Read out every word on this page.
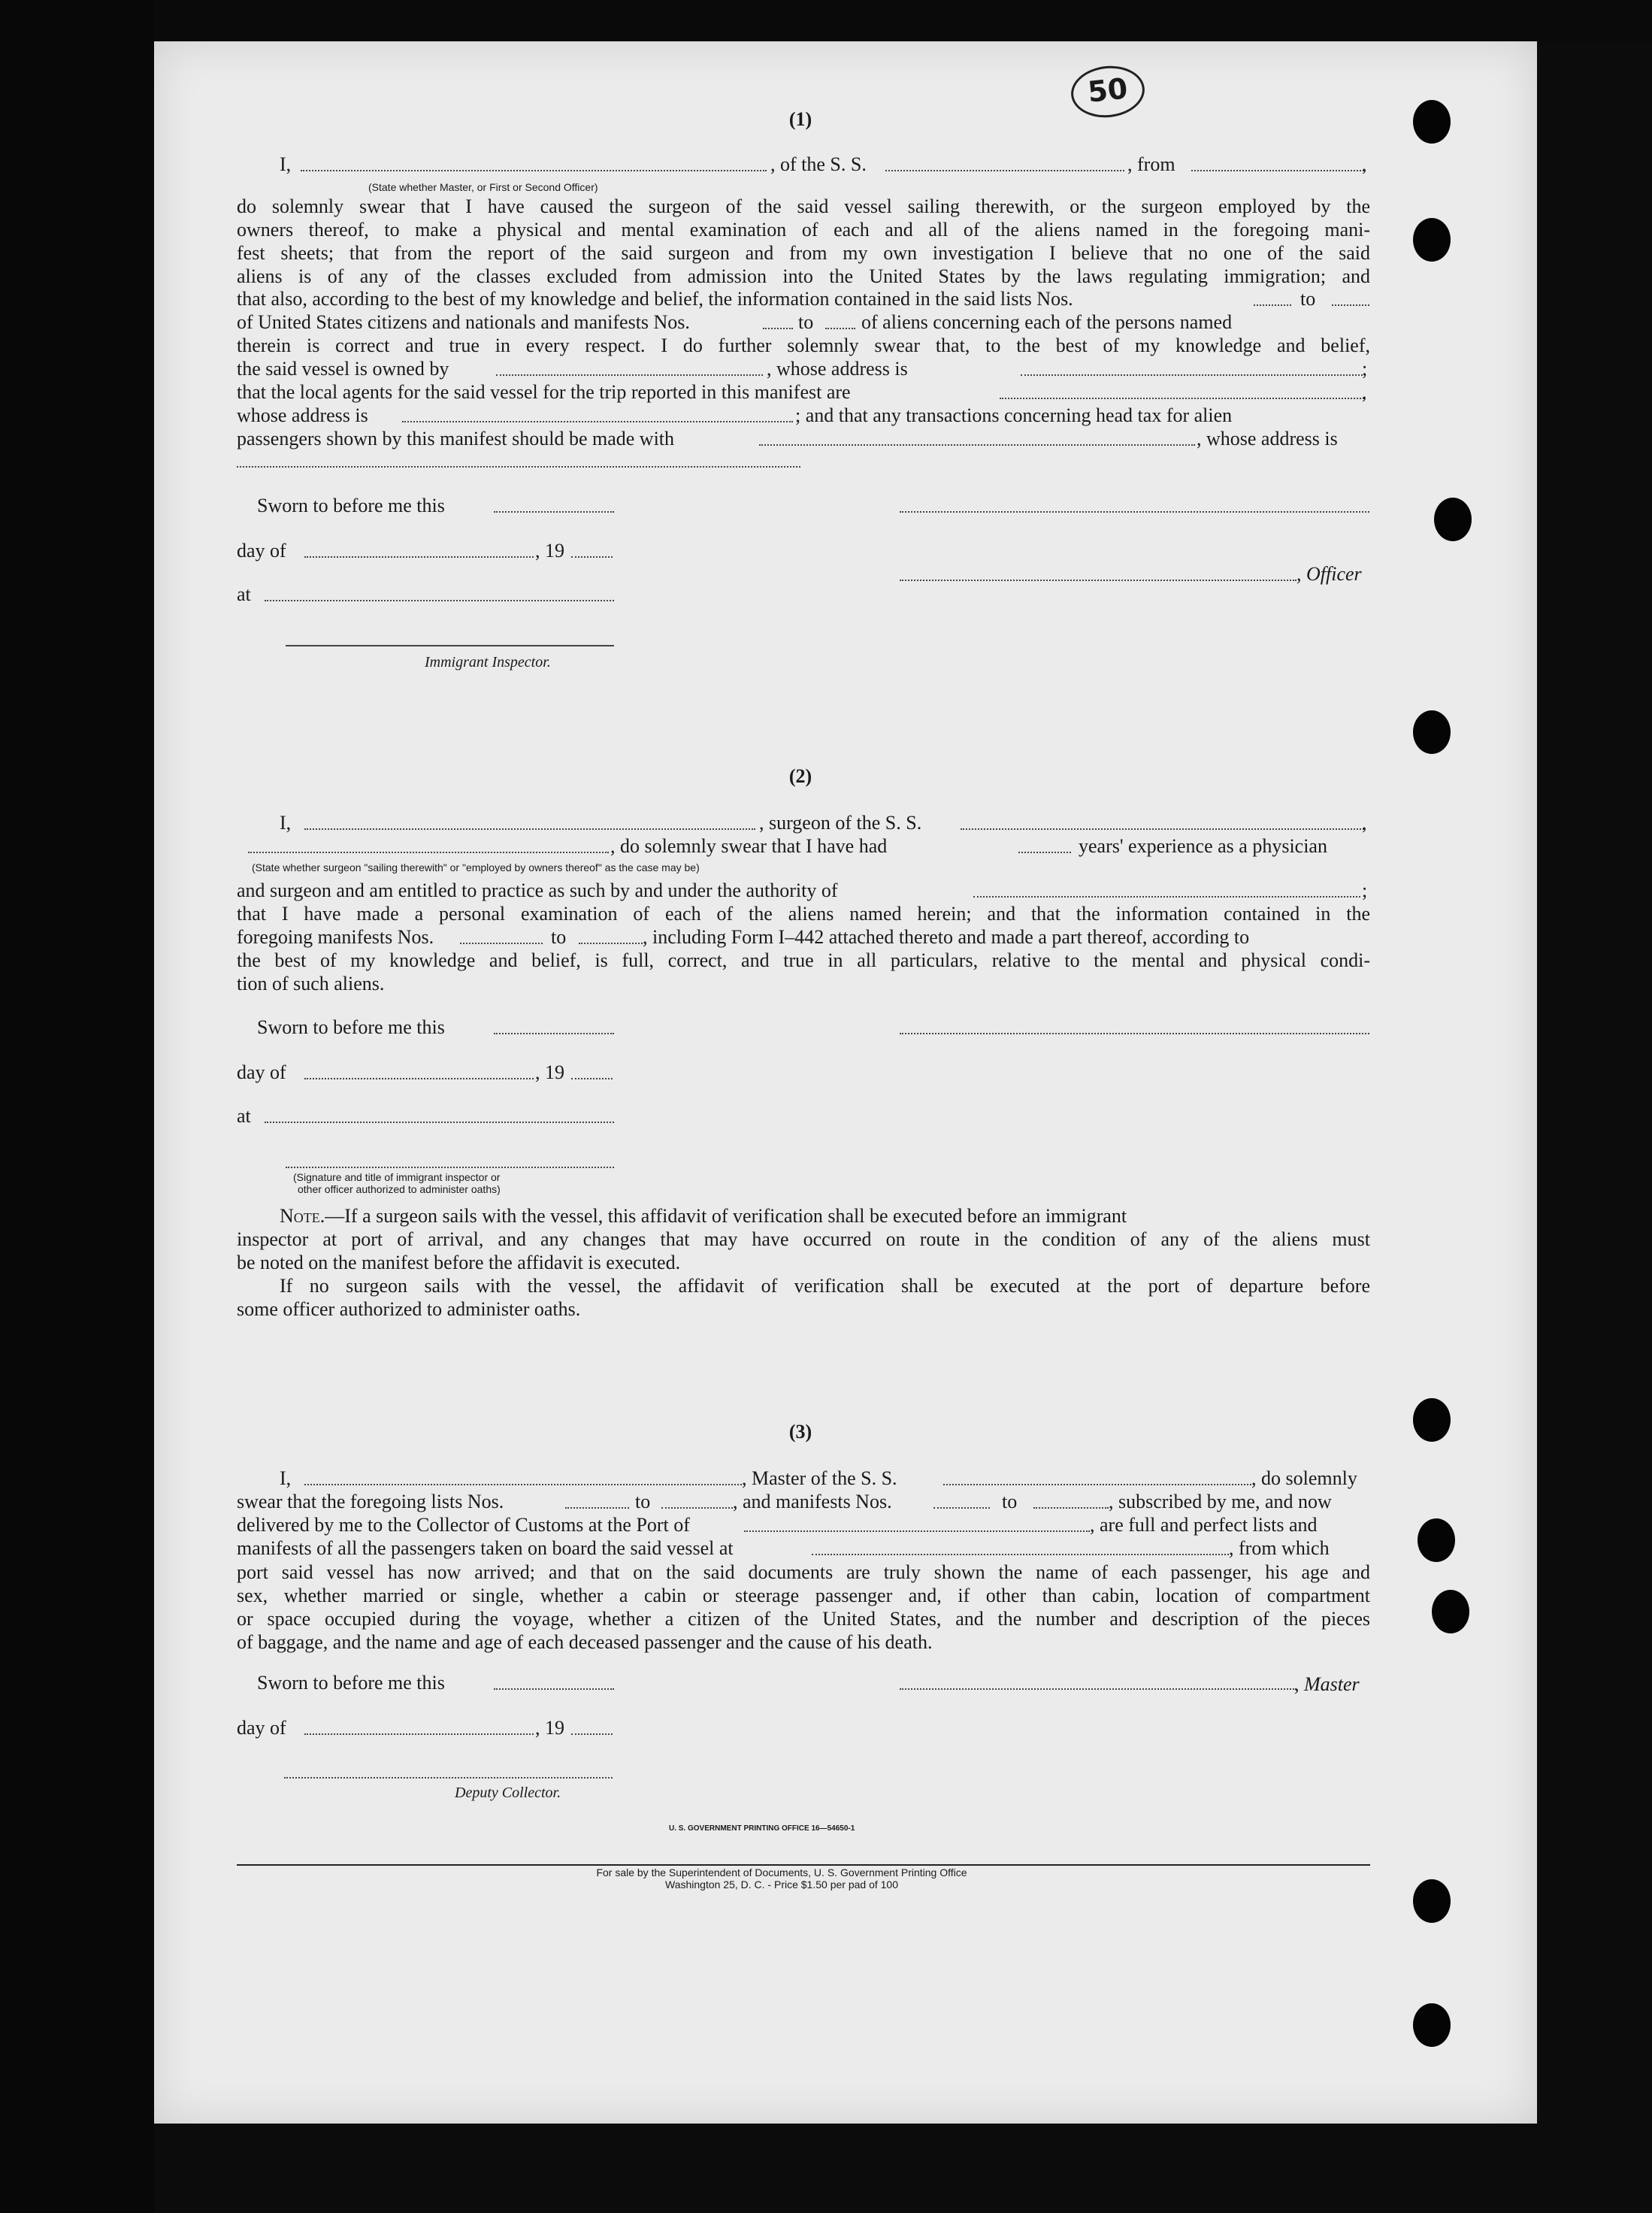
50
(1)
I,	, of the S. S.	, from	,
(State whether Master, or First or Second Officer)
do solemnly swear that I have caused the surgeon of the said vessel sailing therewith, or the surgeon employed by the
owners thereof, to make a physical and mental examination of each and all of the aliens named in the foregoing mani-
fest sheets; that from the report of the said surgeon and from my own investigation I believe that no one of the said
aliens is of any of the classes excluded from admission into the United States by the laws regulating immigration; and
that also, according to the best of my knowledge and belief, the information contained in the said lists Nos.	to
of United States citizens and nationals and manifests Nos.	to of aliens concerning each of the persons named
therein is correct and true in every respect. I do further solemnly swear that, to the best of my knowledge and belief,
the said vessel is owned by	, whose address is	;
that the local agents for the said vessel for the trip reported in this manifest are	,
whose address is	; and that any transactions concerning head tax for alien
passengers shown by this manifest should be made with	, whose address is
Sworn to before me this
day of	, 19
, Officer
at
Immigrant Inspector.
(2)
I,	, surgeon of the S. S.	,
, do solemnly swear that I have had	years' experience as a physician
(State whether surgeon "sailing therewith" or "employed by owners thereof" as the case may be)
and surgeon and am entitled to practice as such by and under the authority of	;
that I have made a personal examination of each of the aliens named herein; and that the information contained in the
foregoing manifests Nos.	to	, including Form I–442 attached thereto and made a part thereof, according to
the best of my knowledge and belief, is full, correct, and true in all particulars, relative to the mental and physical condi-
tion of such aliens.
Sworn to before me this
day of	, 19
at
(Signature and title of immigrant inspector or
other officer authorized to administer oaths)
Note.—If a surgeon sails with the vessel, this affidavit of verification shall be executed before an immigrant
inspector at port of arrival, and any changes that may have occurred on route in the condition of any of the aliens must
be noted on the manifest before the affidavit is executed.
If no surgeon sails with the vessel, the affidavit of verification shall be executed at the port of departure before
some officer authorized to administer oaths.
(3)
I,	, Master of the S. S.	, do solemnly
swear that the foregoing lists Nos.	to	, and manifests Nos.	to	, subscribed by me, and now
delivered by me to the Collector of Customs at the Port of	, are full and perfect lists and
manifests of all the passengers taken on board the said vessel at	, from which
port said vessel has now arrived; and that on the said documents are truly shown the name of each passenger, his age and
sex, whether married or single, whether a cabin or steerage passenger and, if other than cabin, location of compartment
or space occupied during the voyage, whether a citizen of the United States, and the number and description of the pieces
of baggage, and the name and age of each deceased passenger and the cause of his death.
Sworn to before me this	, Master
day of	, 19
Deputy Collector.
U. S. GOVERNMENT PRINTING OFFICE 16—54650-1
For sale by the Superintendent of Documents, U. S. Government Printing Office
Washington 25, D. C. - Price $1.50 per pad of 100
